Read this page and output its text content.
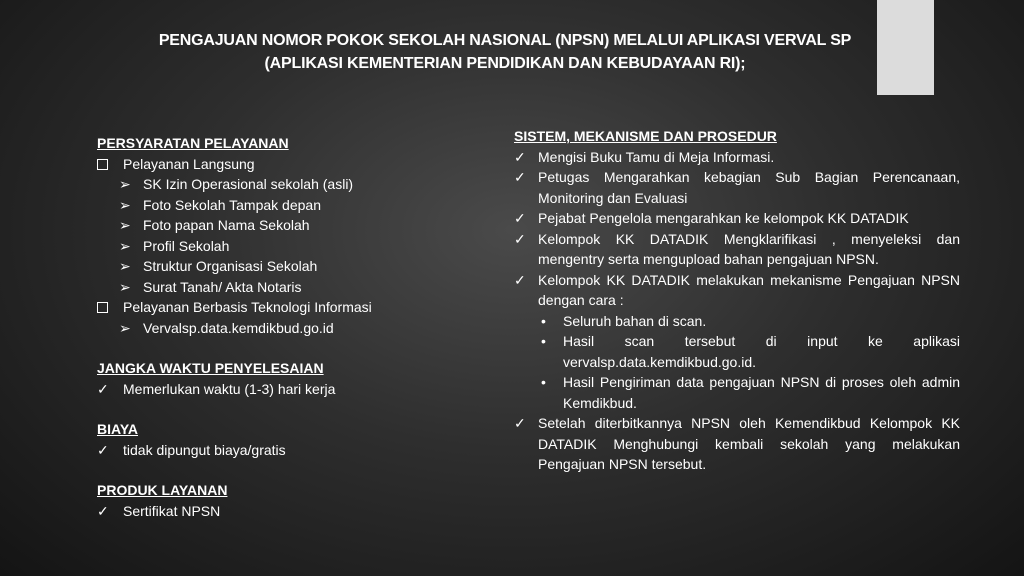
PENGAJUAN NOMOR POKOK SEKOLAH NASIONAL (NPSN) MELALUI APLIKASI VERVAL SP
(APLIKASI KEMENTERIAN PENDIDIKAN DAN KEBUDAYAAN RI);
PERSYARATAN PELAYANAN
Pelayanan Langsung
➢ SK Izin Operasional sekolah (asli)
➢ Foto Sekolah Tampak depan
➢ Foto papan Nama Sekolah
➢ Profil Sekolah
➢ Struktur Organisasi Sekolah
➢ Surat Tanah/ Akta Notaris
Pelayanan Berbasis Teknologi Informasi
➢ Vervalsp.data.kemdikbud.go.id
JANGKA WAKTU PENYELESAIAN
✓	Memerlukan waktu (1-3) hari kerja
BIAYA
✓	tidak dipungut biaya/gratis
PRODUK LAYANAN
✓	Sertifikat NPSN
SISTEM, MEKANISME DAN PROSEDUR
✓ Mengisi Buku Tamu di Meja Informasi.
✓ Petugas Mengarahkan kebagian Sub Bagian Perencanaan, Monitoring dan Evaluasi
✓ Pejabat Pengelola mengarahkan ke kelompok KK DATADIK
✓ Kelompok KK DATADIK Mengklarifikasi , menyeleksi dan mengentry serta mengupload bahan pengajuan NPSN.
✓ Kelompok KK DATADIK melakukan mekanisme Pengajuan NPSN dengan cara :
• Seluruh bahan di scan.
• Hasil scan tersebut di input ke aplikasi vervalsp.data.kemdikbud.go.id.
• Hasil Pengiriman data pengajuan NPSN di proses oleh admin Kemdikbud.
✓ Setelah diterbitkannya NPSN oleh Kemendikbud Kelompok KK DATADIK Menghubungi kembali sekolah yang melakukan Pengajuan NPSN tersebut.
